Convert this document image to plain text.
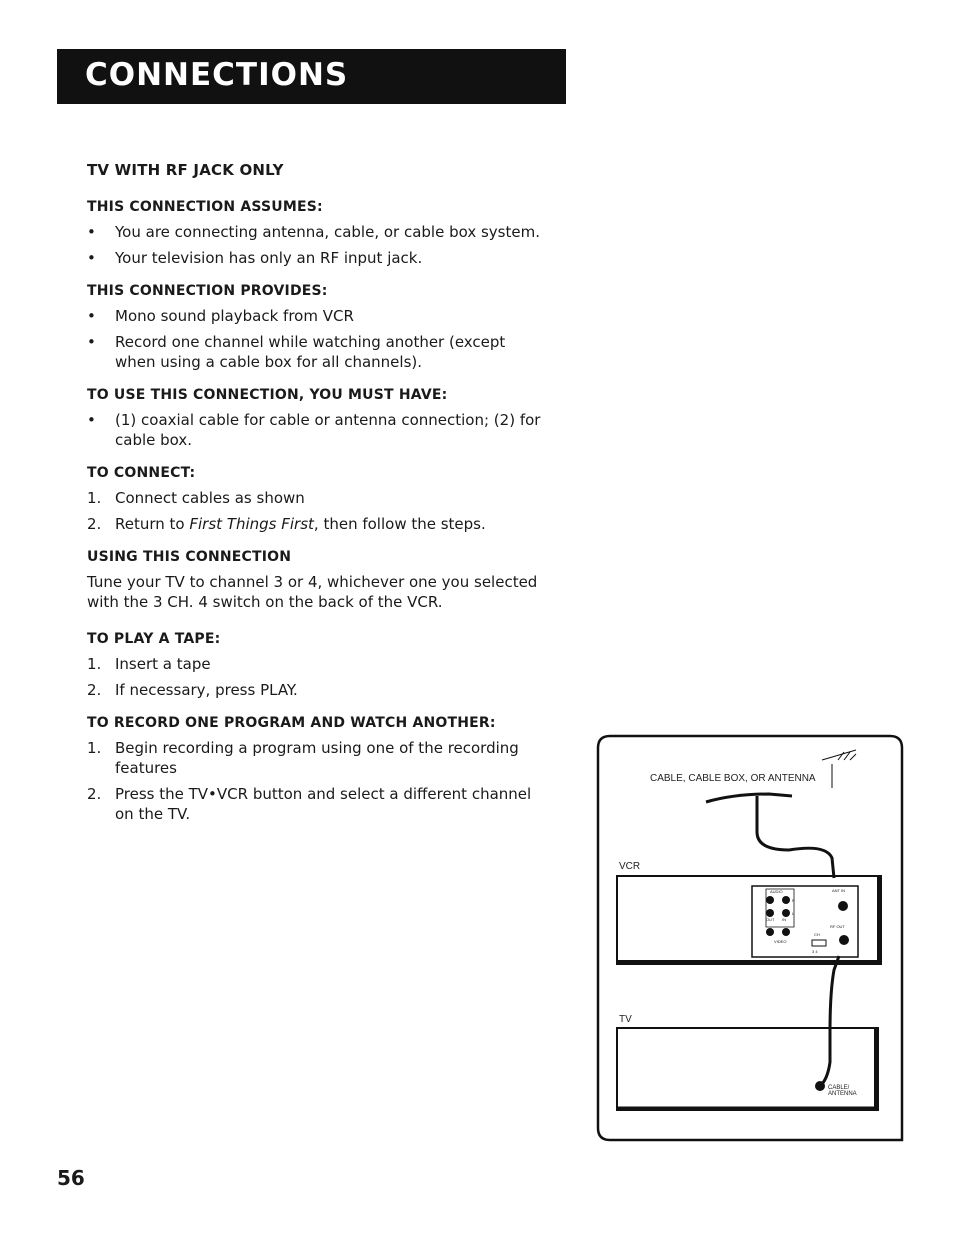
CONNECTIONS
TV WITH RF JACK ONLY
THIS CONNECTION ASSUMES:
• You are connecting antenna, cable, or cable box system.
• Your television has only an RF input jack.
THIS CONNECTION PROVIDES:
• Mono sound playback from VCR
• Record one channel while watching another (except when using a cable box for all channels).
TO USE THIS CONNECTION, YOU MUST HAVE:
• (1) coaxial cable for cable or antenna connection; (2) for cable box.
TO CONNECT:
1. Connect cables as shown
2. Return to First Things First, then follow the steps.
USING THIS CONNECTION

Tune your TV to channel 3 or 4, whichever one you selected with the 3 CH. 4 switch on the back of the VCR.

TO PLAY A TAPE:
1. Insert a tape
2. If necessary, press PLAY.
TO RECORD ONE PROGRAM AND WATCH ANOTHER:
1. Begin recording a program using one of the recording features
2. Press the TV•VCR button and select a different channel on the TV.
CABLE, CABLE BOX, OR ANTENNA
VCR
AUDIO
R
L
OUT IN
VIDEO
ANT IN
RF OUT
CH
3 4
TV
CABLE/
ANTENNA
56
